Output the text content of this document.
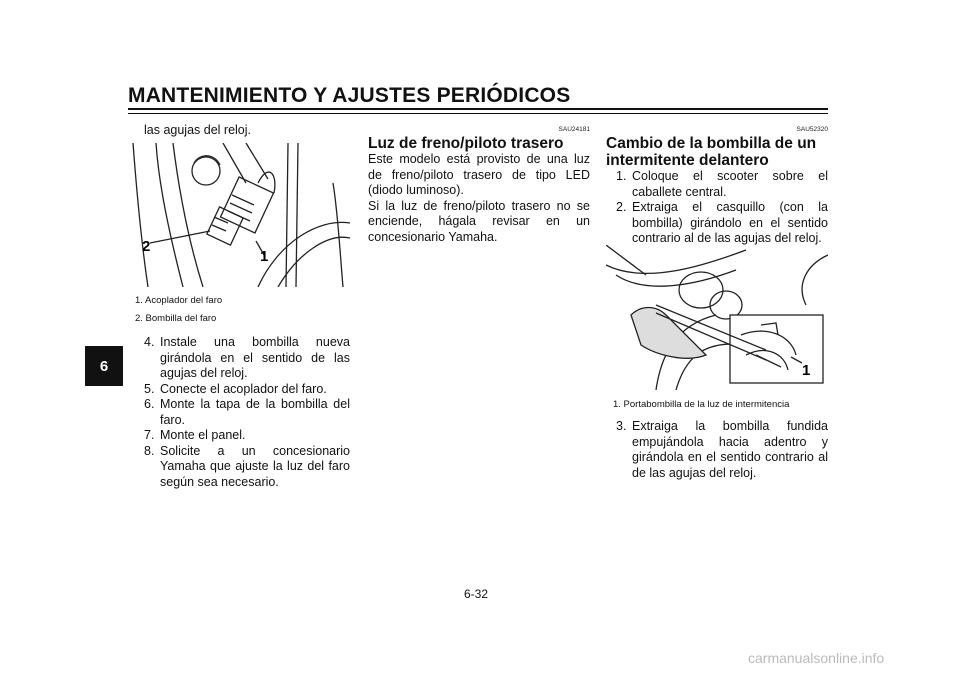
MANTENIMIENTO Y AJUSTES PERIÓDICOS
6
las agujas del reloj.
2
1
1. Acoplador del faro
2. Bombilla del faro
4. Instale una bombilla nueva girándola en el sentido de las agujas del reloj.
5. Conecte el acoplador del faro.
6. Monte la tapa de la bombilla del faro.
7. Monte el panel.
8. Solicite a un concesionario Yamaha que ajuste la luz del faro según sea necesario.
SAU24181
Luz de freno/piloto trasero
Este modelo está provisto de una luz de freno/piloto trasero de tipo LED (diodo luminoso).
Si la luz de freno/piloto trasero no se enciende, hágala revisar en un concesionario Yamaha.
SAU52320
Cambio de la bombilla de un intermitente delantero
1. Coloque el scooter sobre el caballete central.
2. Extraiga el casquillo (con la bombilla) girándolo en el sentido contrario al de las agujas del reloj.
1
1. Portabombilla de la luz de intermitencia
3. Extraiga la bombilla fundida empujándola hacia adentro y girándola en el sentido contrario al de las agujas del reloj.
6-32
carmanualsonline.info
